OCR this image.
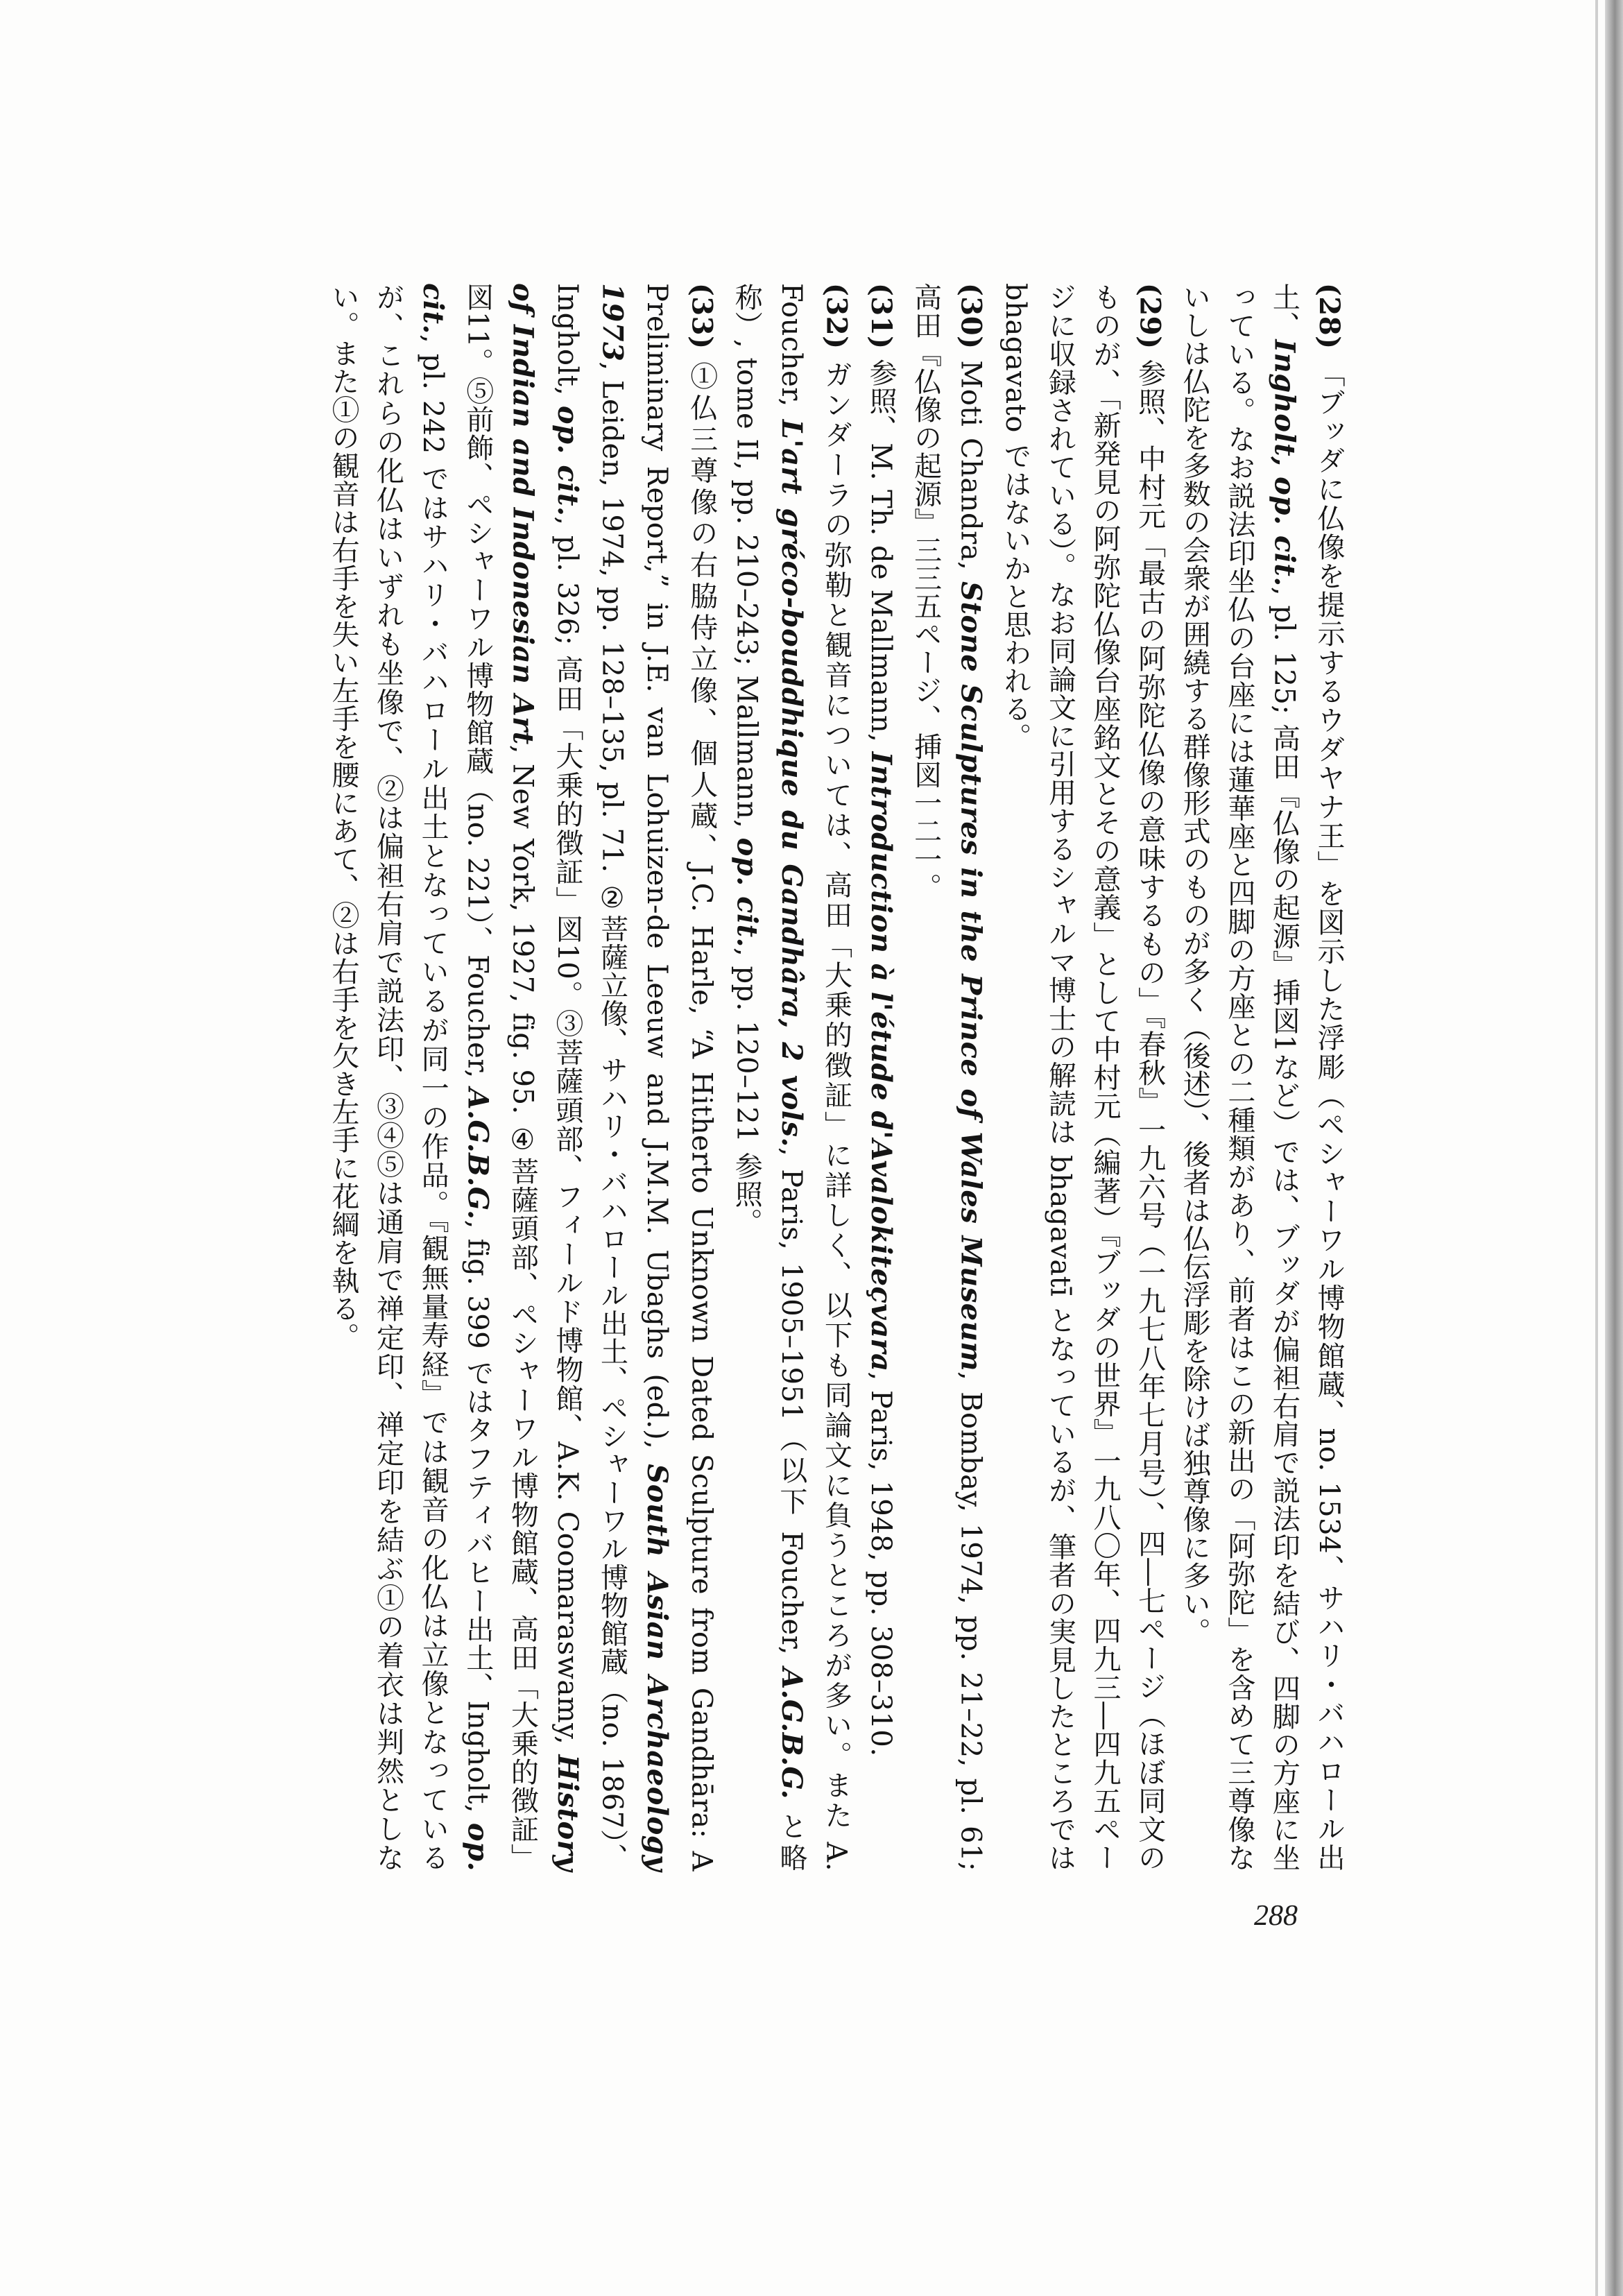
(28) 「ブッダに仏像を提示するウダヤナ王」を図示した浮彫（ペシャーワル博物館蔵、no. 1534、サハリ・バハロール出土、Ingholt, op. cit., pl. 125; 高田『仏像の起源』挿図1など）では、ブッダが偏袒右肩で説法印を結び、四脚の方座に坐っている。なお説法印坐仏の台座には蓮華座と四脚の方座との二種類があり、前者はこの新出の「阿弥陀」を含めて三尊像ないしは仏陀を多数の会衆が囲繞する群像形式のものが多く（後述）、後者は仏伝浮彫を除けば独尊像に多い。

(29) 参照、中村元「最古の阿弥陀仏像の意味するもの」『春秋』一九六号（一九七八年七月号）、四―七ページ（ほぼ同文のものが、「新発見の阿弥陀仏像台座銘文とその意義」として中村元（編著）『ブッダの世界』一九八〇年、四九三―四九五ページに収録されている）。なお同論文に引用するシャルマ博士の解読は bhagavatī となっているが、筆者の実見したところでは bhagavato ではないかと思われる。

(30) Moti Chandra, Stone Sculptures in the Prince of Wales Museum, Bombay, 1974, pp. 21–22, pl. 61; 高田『仏像の起源』三三五ページ、挿図一二一。

(31) 参照、M. Th. de Mallmann, Introduction à l'étude d'Avalokiteçvara, Paris, 1948, pp. 308–310.

(32) ガンダーラの弥勒と観音については、高田「大乗的徴証」に詳しく、以下も同論文に負うところが多い。また A. Foucher, L'art gréco-bouddhique du Gandhâra, 2 vols., Paris, 1905–1951（以下 Foucher, A.G.B.G. と略称）, tome II, pp. 210–243; Mallmann, op. cit., pp. 120–121 参照。

(33) ①仏三尊像の右脇侍立像、個人蔵、J.C. Harle, “A Hitherto Unknown Dated Sculpture from Gandhāra: A Preliminary Report,” in J.E. van Lohuizen-de Leeuw and J.M.M. Ubaghs (ed.), South Asian Archaeology 1973, Leiden, 1974, pp. 128–135, pl. 71. ②菩薩立像、サハリ・バハロール出土、ペシャーワル博物館蔵（no. 1867）、Ingholt, op. cit., pl. 326; 高田「大乗的徴証」図10。③菩薩頭部、フィールド博物館、A.K. Coomaraswamy, History of Indian and Indonesian Art, New York, 1927, fig. 95. ④菩薩頭部、ペシャーワル博物館蔵、高田「大乗的徴証」図11。⑤前飾、ペシャーワル博物館蔵（no. 221）、Foucher, A.G.B.G., fig. 399 ではタフティバヒー出土、Ingholt, op. cit., pl. 242 ではサハリ・バハロール出土となっているが同一の作品。『観無量寿経』では観音の化仏は立像となっているが、これらの化仏はいずれも坐像で、②は偏袒右肩で説法印、③④⑤は通肩で禅定印、禅定印を結ぶ①の着衣は判然としない。また①の観音は右手を失い左手を腰にあて、②は右手を欠き左手に花綱を執る。

288
